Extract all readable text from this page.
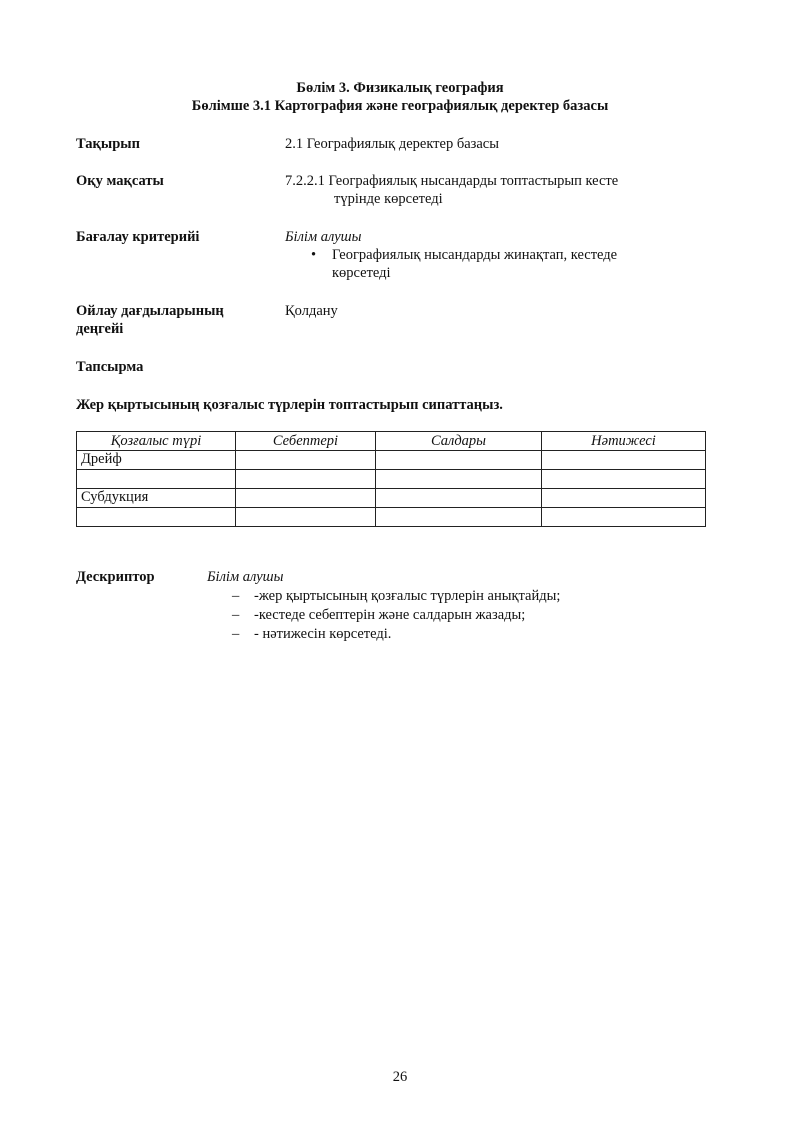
Бөлім 3. Физикалық география
Бөлімше 3.1 Картография және географиялық деректер базасы
Тақырып	2.1 Географиялық деректер базасы
Оқу мақсаты	7.2.2.1 Географиялық нысандарды топтастырып кесте
түрінде көрсетеді
Бағалау критерийі	Білім алушы
• Географиялық нысандарды жинақтап, кестеде
көрсетеді
Ойлау дағдыларының
деңгейі
Қолдану
Тапсырма
Жер қыртысының қозғалыс түрлерін топтастырып сипаттаңыз.
Қозғалыс түрі	Себептері	Салдары	Нәтижесі
Дрейф			

Субдукция			

Дескриптор	Білім алушы
– -жер қыртысының қозғалыс түрлерін анықтайды;
– -кестеде себептерін және салдарын жазады;
– - нәтижесін көрсетеді.
26
